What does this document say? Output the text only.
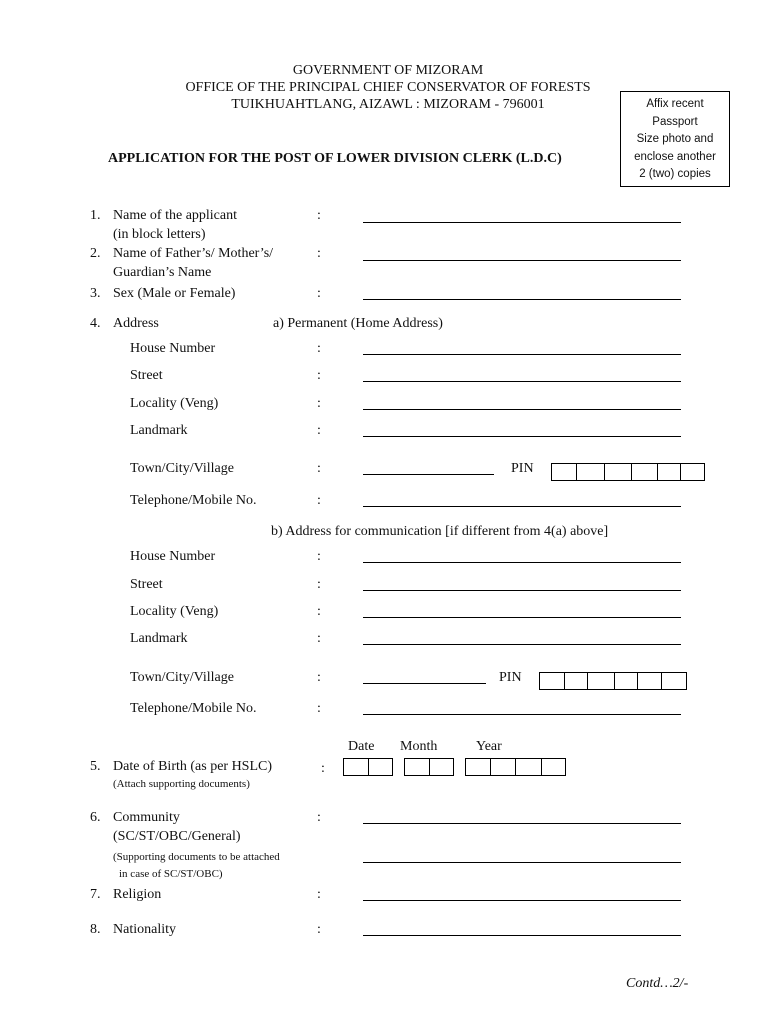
GOVERNMENT OF MIZORAM
OFFICE OF THE PRINCIPAL CHIEF CONSERVATOR OF FORESTS
TUIKHUAHTLANG, AIZAWL : MIZORAM - 796001	Affix recent
Passport
Size photo and
enclose another
2 (two) copies
APPLICATION FOR THE POST OF LOWER DIVISION CLERK (L.D.C)
1. Name of the applicant	:
(in block letters)
2. Name of Father’s/ Mother’s/	:
Guardian’s Name
3. Sex (Male or Female)	:
4. Address	a) Permanent (Home Address)
House Number	:
Street	:
Locality (Veng)	:
Landmark	:
Town/City/Village	:	PIN
Telephone/Mobile No.	:
b) Address for communication [if different from 4(a) above]
House Number	:
Street	:
Locality (Veng)	:
Landmark	:
Town/City/Village	:	PIN
Telephone/Mobile No.	:
Date Month	Year
5. Date of Birth (as per HSLC)	:
(Attach supporting documents)
6. Community	:
(SC/ST/OBC/General)
(Supporting documents to be attached
in case of SC/ST/OBC)
7. Religion	:
8. Nationality	:
Contd…2/-
